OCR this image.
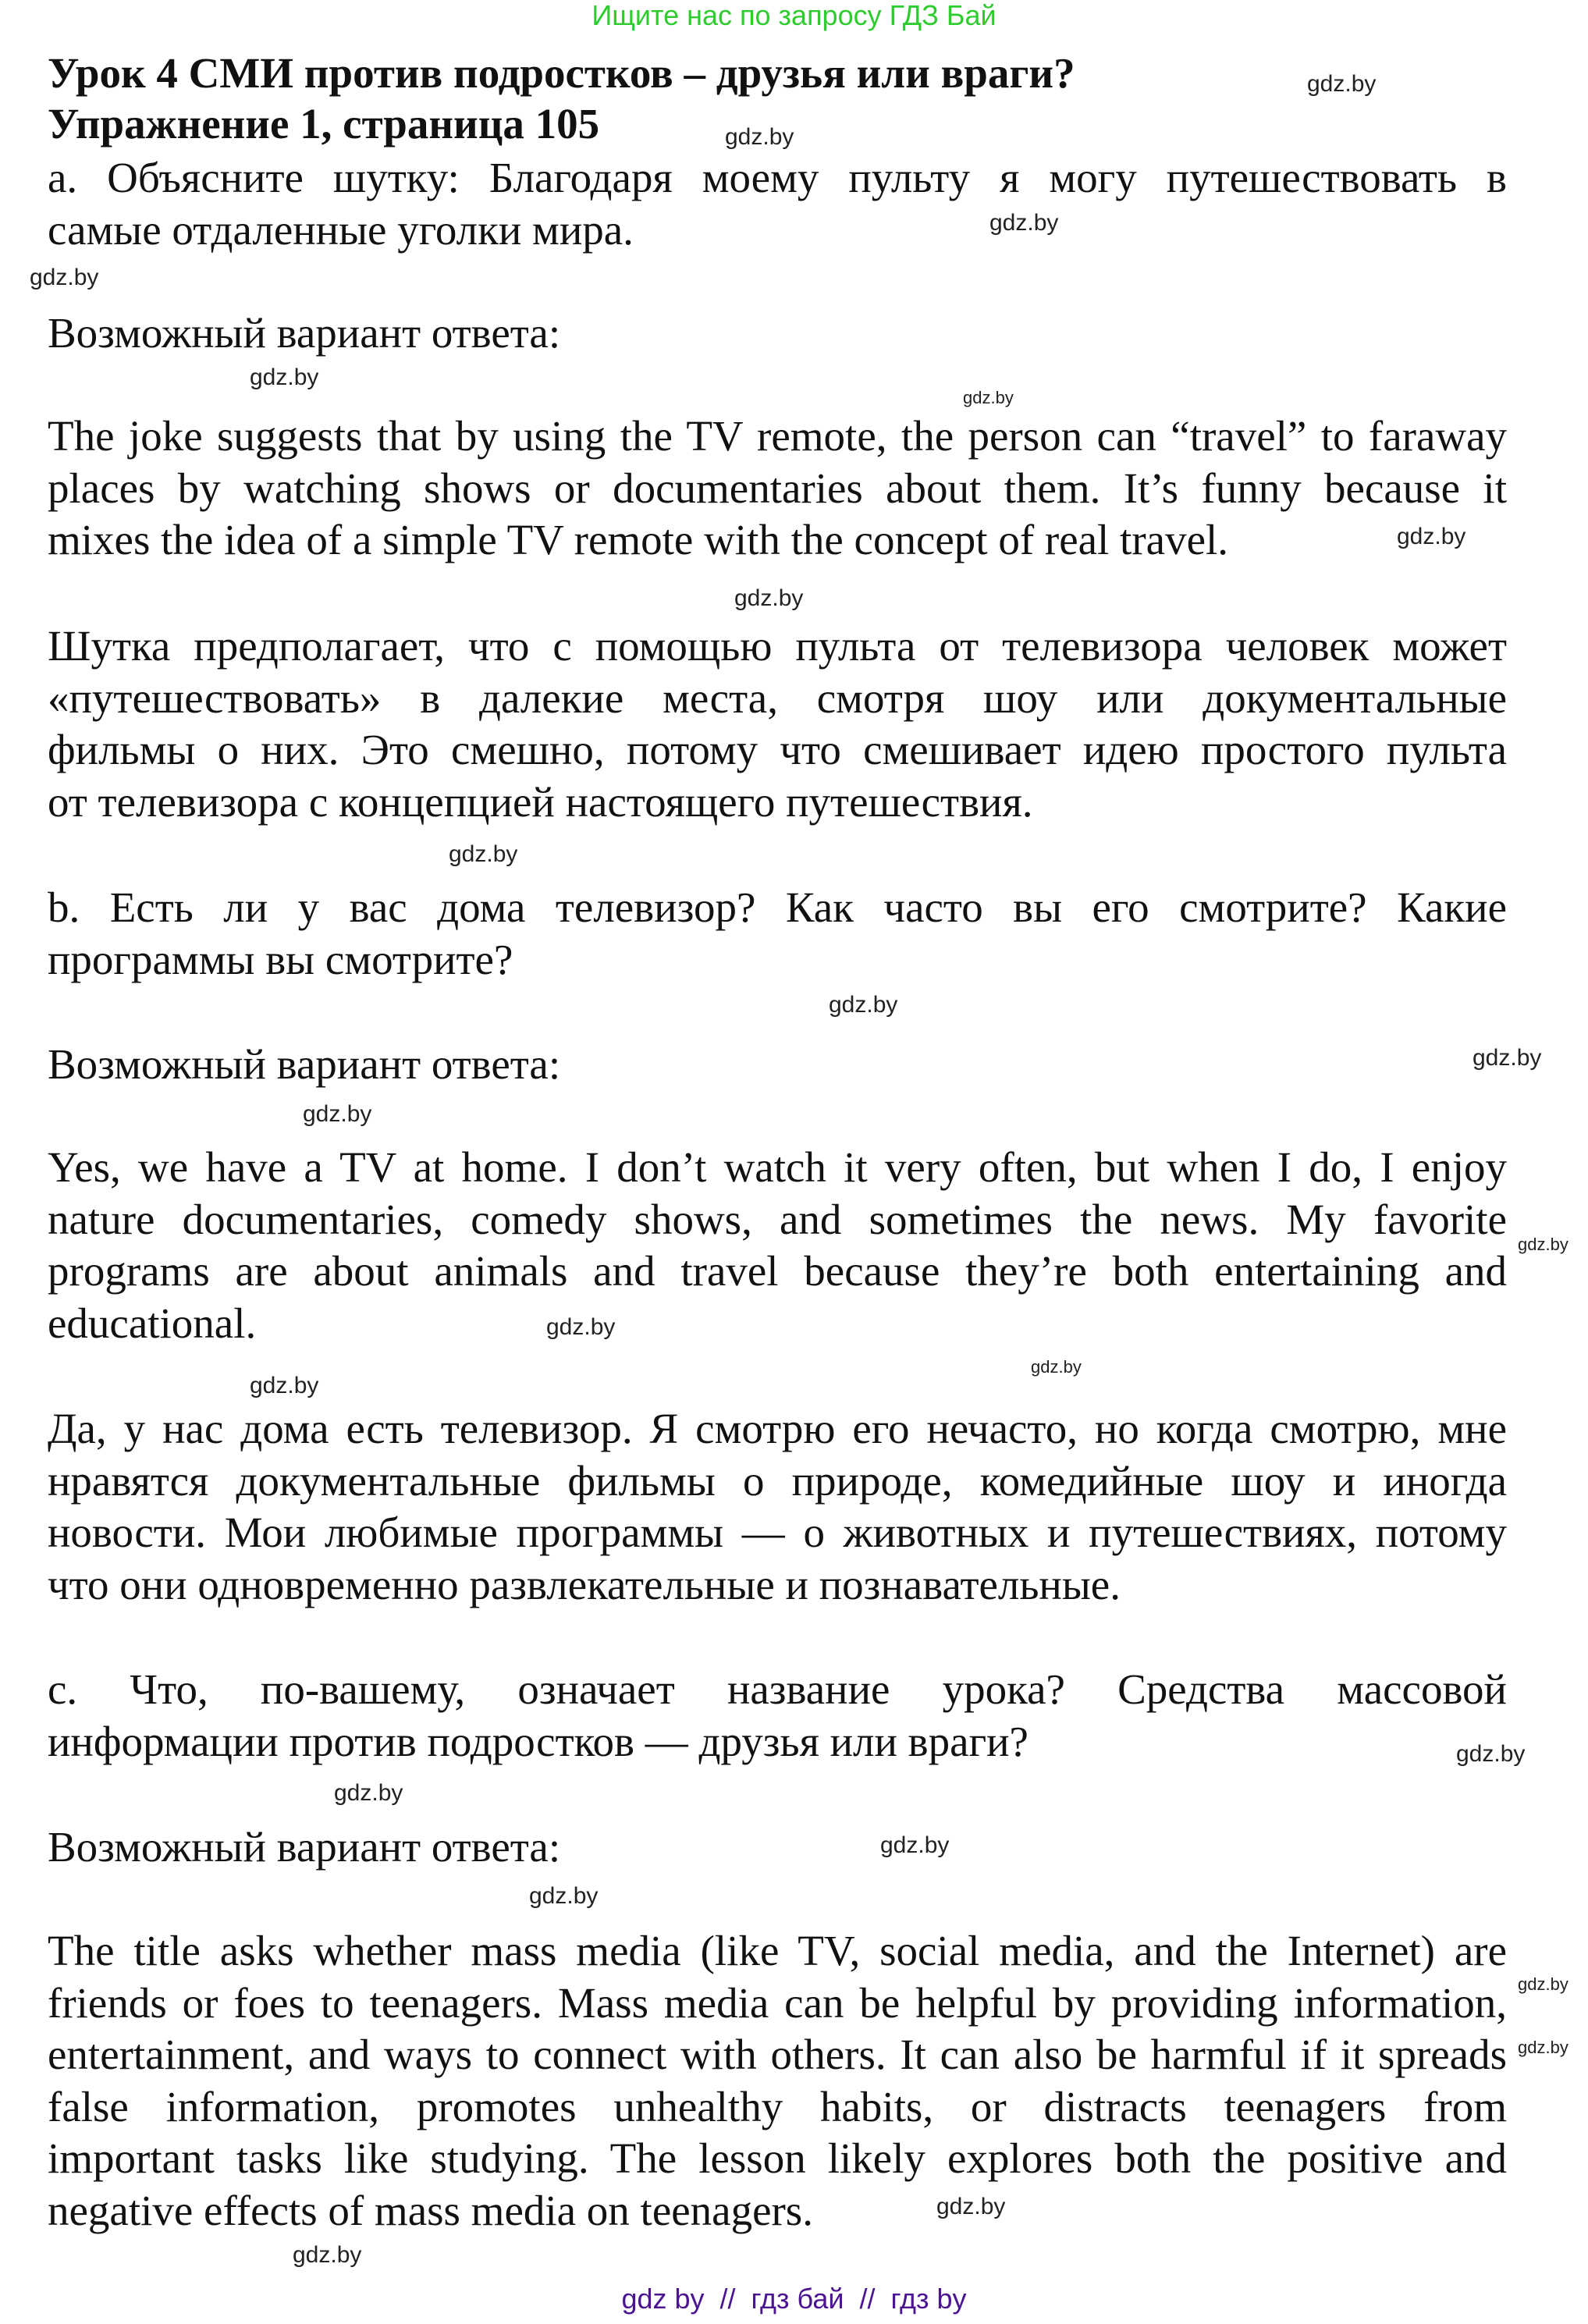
Ищите нас по запросу ГДЗ Бай
Урок 4 СМИ против подростков – друзья или враги?
Упражнение 1, страница 105
a. Объясните шутку: Благодаря моему пульту я могу путешествовать в
самые отдаленные уголки мира.
Возможный вариант ответа:
The joke suggests that by using the TV remote, the person can “travel” to faraway
places by watching shows or documentaries about them. It’s funny because it
mixes the idea of a simple TV remote with the concept of real travel.
Шутка предполагает, что с помощью пульта от телевизора человек может
«путешествовать» в далекие места, смотря шоу или документальные
фильмы о них. Это смешно, потому что смешивает идею простого пульта
от телевизора с концепцией настоящего путешествия.
b. Есть ли у вас дома телевизор? Как часто вы его смотрите? Какие
программы вы смотрите?
Возможный вариант ответа:
Yes, we have a TV at home. I don’t watch it very often, but when I do, I enjoy
nature documentaries, comedy shows, and sometimes the news. My favorite
programs are about animals and travel because they’re both entertaining and
educational.
Да, у нас дома есть телевизор. Я смотрю его нечасто, но когда смотрю, мне
нравятся документальные фильмы о природе, комедийные шоу и иногда
новости. Мои любимые программы — о животных и путешествиях, потому
что они одновременно развлекательные и познавательные.
c. Что, по-вашему, означает название урока? Средства массовой
информации против подростков — друзья или враги?
Возможный вариант ответа:
The title asks whether mass media (like TV, social media, and the Internet) are
friends or foes to teenagers. Mass media can be helpful by providing information,
entertainment, and ways to connect with others. It can also be harmful if it spreads
false information, promotes unhealthy habits, or distracts teenagers from
important tasks like studying. The lesson likely explores both the positive and
negative effects of mass media on teenagers.
gdz.by
gdz.by
gdz.by
gdz.by
gdz.by
gdz.by
gdz.by
gdz.by
gdz.by
gdz.by
gdz.by
gdz.by
gdz.by
gdz.by
gdz.by
gdz.by
gdz.by
gdz.by
gdz.by
gdz.by
gdz.by
gdz.by
gdz.by
gdz.by
gdz by  //  гдз бай  //  гдз by
